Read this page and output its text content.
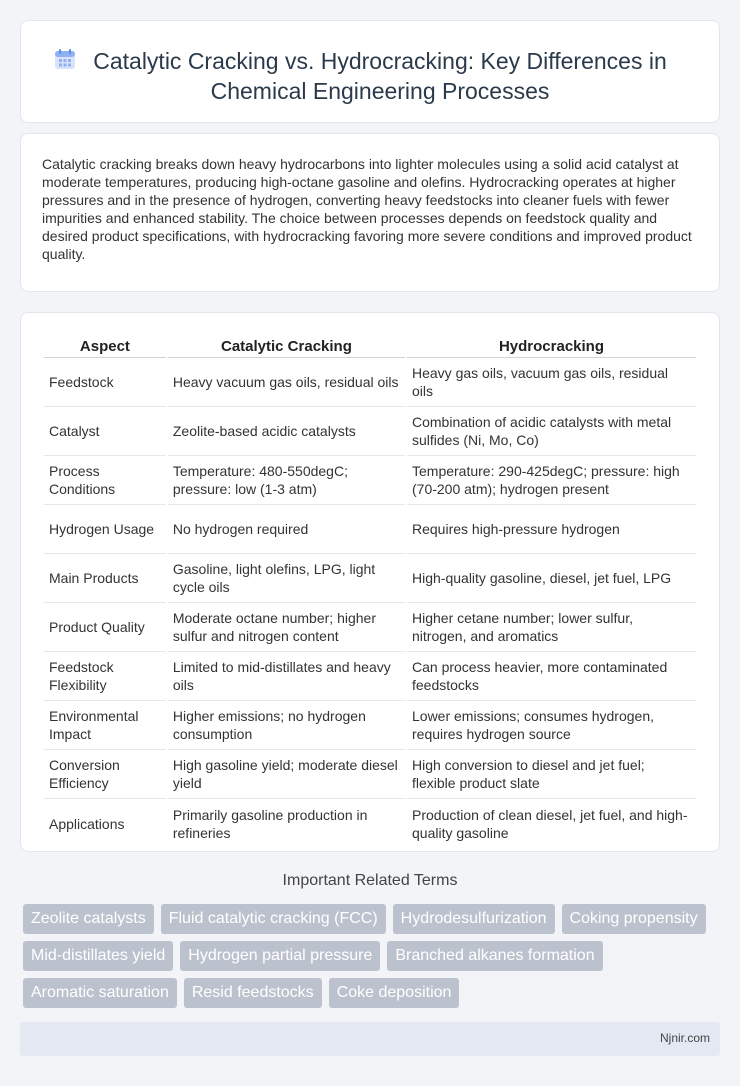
Catalytic Cracking vs. Hydrocracking: Key Differences in Chemical Engineering Processes

Catalytic cracking breaks down heavy hydrocarbons into lighter molecules using a solid acid catalyst at moderate temperatures, producing high-octane gasoline and olefins. Hydrocracking operates at higher pressures and in the presence of hydrogen, converting heavy feedstocks into cleaner fuels with fewer impurities and enhanced stability. The choice between processes depends on feedstock quality and desired product specifications, with hydrocracking favoring more severe conditions and improved product quality.

Aspect	Catalytic Cracking	Hydrocracking
Feedstock	Heavy vacuum gas oils, residual oils	Heavy gas oils, vacuum gas oils, residual oils
Catalyst	Zeolite-based acidic catalysts	Combination of acidic catalysts with metal sulfides (Ni, Mo, Co)
Process Conditions	Temperature: 480-550degC; pressure: low (1-3 atm)	Temperature: 290-425degC; pressure: high (70-200 atm); hydrogen present
Hydrogen Usage	No hydrogen required	Requires high-pressure hydrogen
Main Products	Gasoline, light olefins, LPG, light cycle oils	High-quality gasoline, diesel, jet fuel, LPG
Product Quality	Moderate octane number; higher sulfur and nitrogen content	Higher cetane number; lower sulfur, nitrogen, and aromatics
Feedstock Flexibility	Limited to mid-distillates and heavy oils	Can process heavier, more contaminated feedstocks
Environmental Impact	Higher emissions; no hydrogen consumption	Lower emissions; consumes hydrogen, requires hydrogen source
Conversion Efficiency	High gasoline yield; moderate diesel yield	High conversion to diesel and jet fuel; flexible product slate
Applications	Primarily gasoline production in refineries	Production of clean diesel, jet fuel, and high-quality gasoline
Important Related Terms
Zeolite catalysts	Fluid catalytic cracking (FCC)	Hydrodesulfurization	Coking propensity
Mid-distillates yield	Hydrogen partial pressure	Branched alkanes formation
Aromatic saturation	Resid feedstocks	Coke deposition
Njnir.com
